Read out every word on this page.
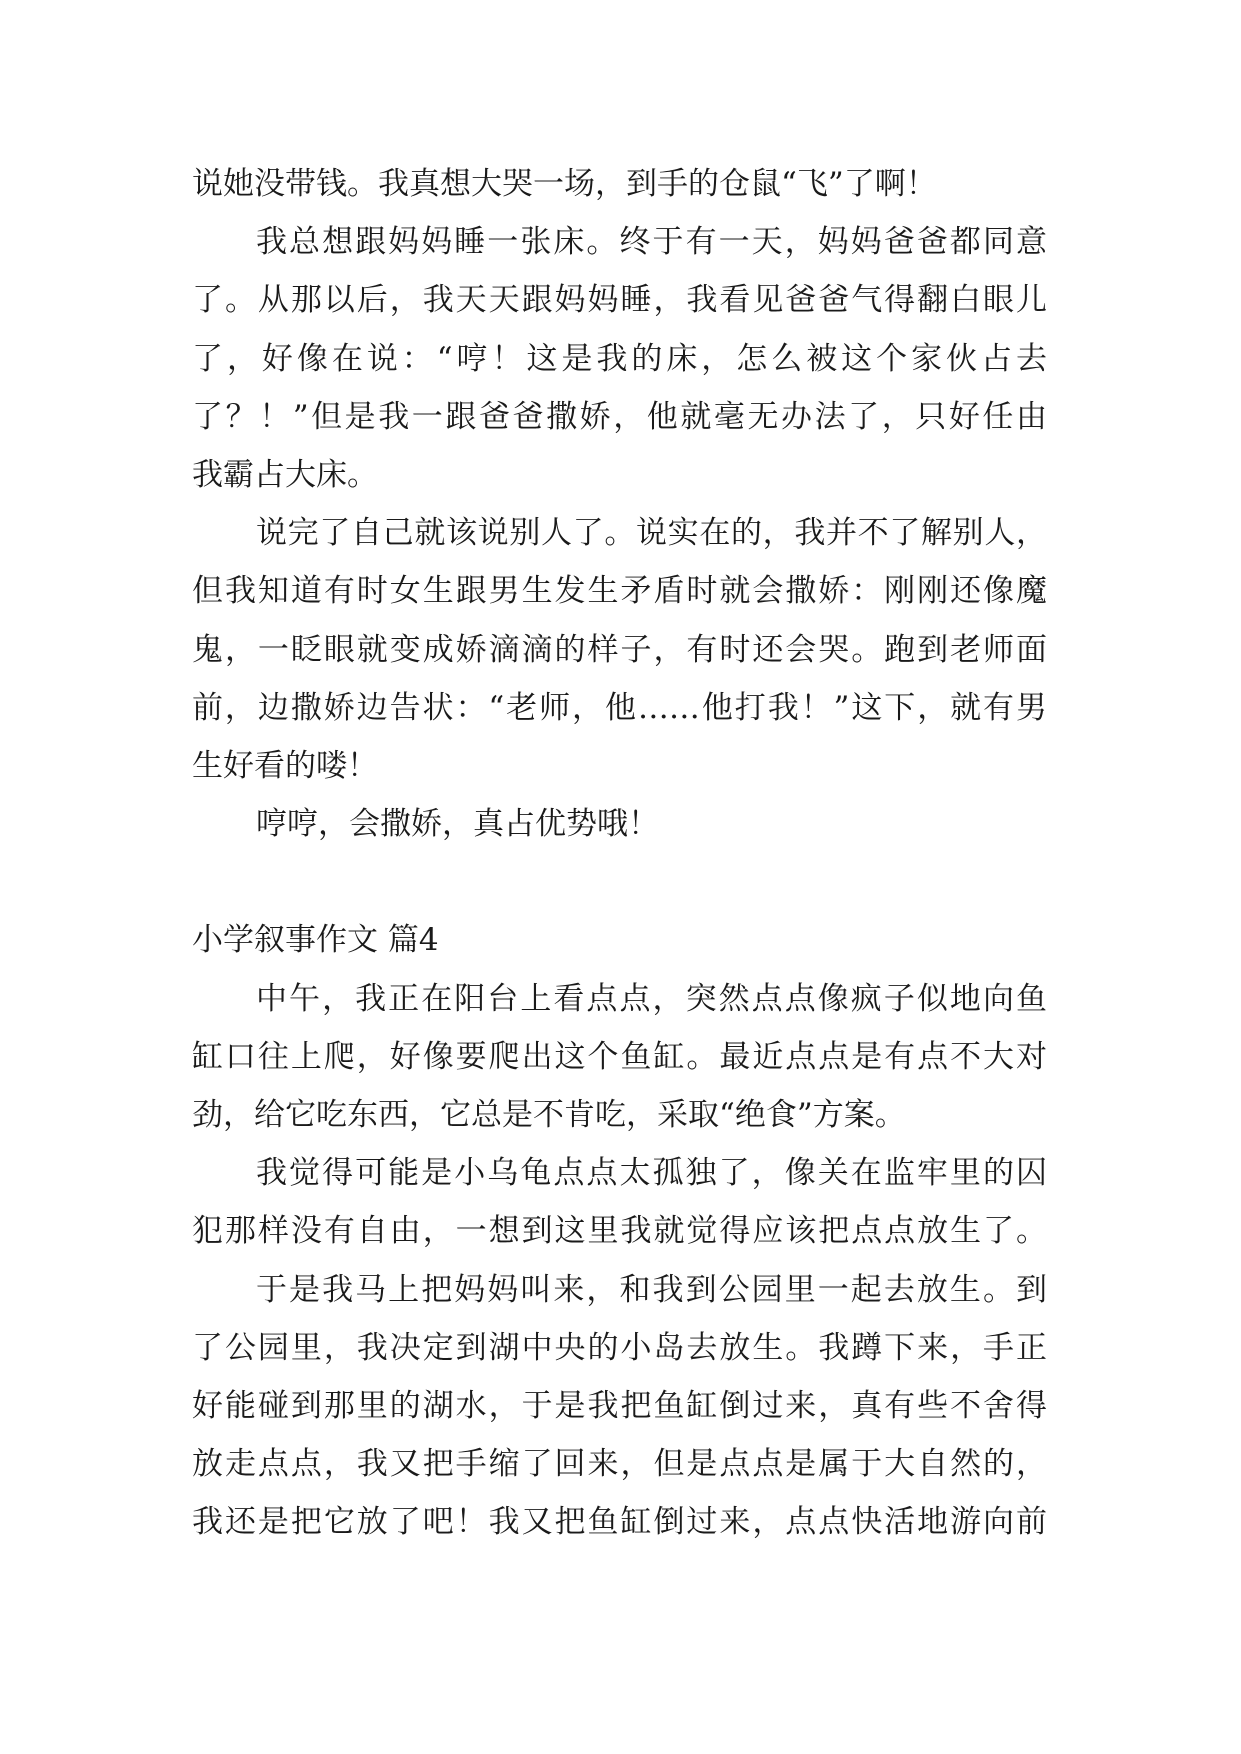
说她没带钱。我真想大哭一场，到手的仓鼠“飞”了啊！
我总想跟妈妈睡一张床。终于有一天，妈妈爸爸都同意
了。从那以后，我天天跟妈妈睡，我看见爸爸气得翻白眼儿
了，好像在说：“哼！这是我的床，怎么被这个家伙占去
了？！”但是我一跟爸爸撒娇，他就毫无办法了，只好任由
我霸占大床。
说完了自己就该说别人了。说实在的，我并不了解别人，
但我知道有时女生跟男生发生矛盾时就会撒娇：刚刚还像魔
鬼，一眨眼就变成娇滴滴的样子，有时还会哭。跑到老师面
前，边撒娇边告状：“老师，他……他打我！”这下，就有男
生好看的喽！
哼哼，会撒娇，真占优势哦！
小学叙事作文 篇4
中午，我正在阳台上看点点，突然点点像疯子似地向鱼
缸口往上爬，好像要爬出这个鱼缸。最近点点是有点不大对
劲，给它吃东西，它总是不肯吃，采取“绝食”方案。
我觉得可能是小乌龟点点太孤独了，像关在监牢里的囚
犯那样没有自由，一想到这里我就觉得应该把点点放生了。
于是我马上把妈妈叫来，和我到公园里一起去放生。到
了公园里，我决定到湖中央的小岛去放生。我蹲下来，手正
好能碰到那里的湖水，于是我把鱼缸倒过来，真有些不舍得
放走点点，我又把手缩了回来，但是点点是属于大自然的，
我还是把它放了吧！我又把鱼缸倒过来，点点快活地游向前
